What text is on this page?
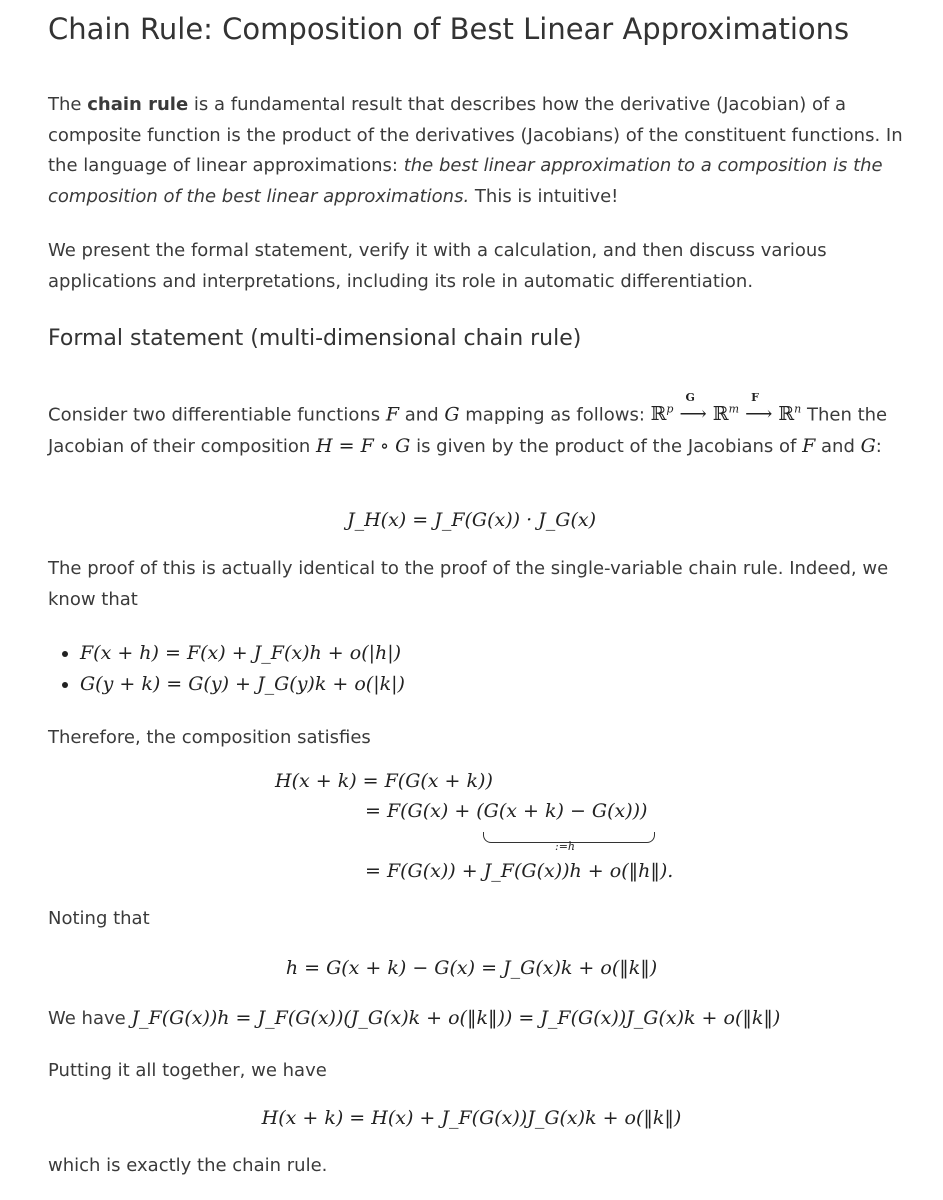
Chain Rule: Composition of Best Linear Approximations
The chain rule is a fundamental result that describes how the derivative (Jacobian) of a composite function is the product of the derivatives (Jacobians) of the constituent functions. In the language of linear approximations: the best linear approximation to a composition is the composition of the best linear approximations. This is intuitive!
We present the formal statement, verify it with a calculation, and then discuss various applications and interpretations, including its role in automatic differentiation.
Formal statement (multi-dimensional chain rule)
Consider two differentiable functions F and G mapping as follows: ℝ$^p$
G
⟶ ℝ$^m$
F
⟶ ℝ$^n$ Then the Jacobian of their composition H = F ∘ G is given by the product of the Jacobians of F and G:
J_H(x) = J_F(G(x)) · J_G(x)
The proof of this is actually identical to the proof of the single-variable chain rule. Indeed, we know that
• F(x + h) = F(x) + J_F(x)h + o(|h|)
• G(y + k) = G(y) + J_G(y)k + o(|k|)
Therefore, the composition satisfies
H(x + k) = F(G(x + k))
= F(G(x) + (G(x + k) − G(x)))
:=h
= F(G(x)) + J_F(G(x))h + o(‖h‖).
Noting that
h = G(x + k) − G(x) = J_G(x)k + o(‖k‖)
We have J_F(G(x))h = J_F(G(x))(J_G(x)k + o(‖k‖)) = J_F(G(x))J_G(x)k + o(‖k‖)
Putting it all together, we have
H(x + k) = H(x) + J_F(G(x))J_G(x)k + o(‖k‖)
which is exactly the chain rule.
